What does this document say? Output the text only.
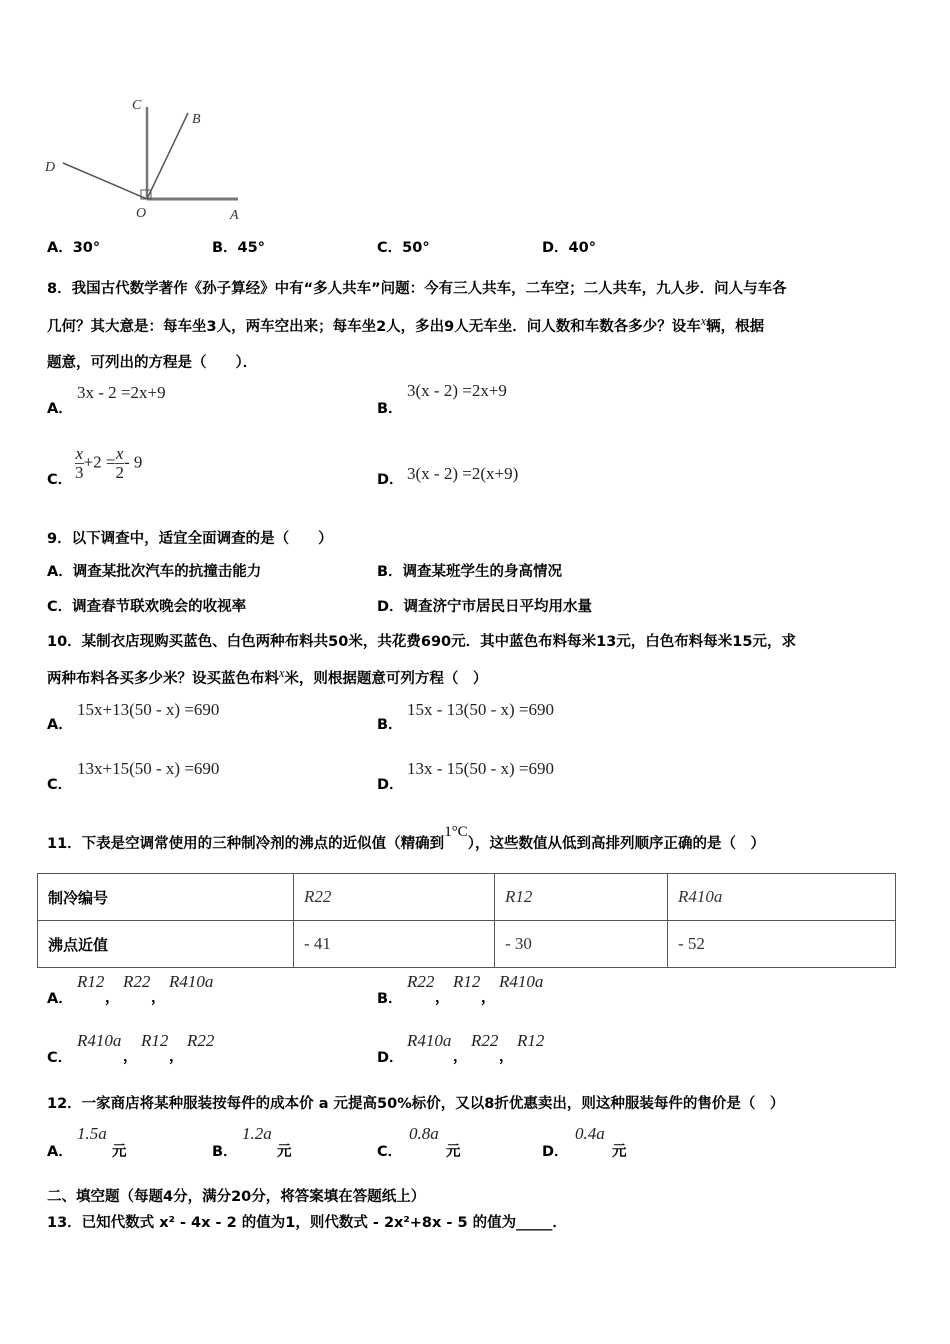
C
B
D
O	A
A．30°	B．45°	C．50°	D．40°
8．我国古代数学著作《孙子算经》中有“多人共车”问题：今有三人共车，二车空；二人共车，九人步．问人与车各
几何？其大意是：每车坐3人，两车空出来；每车坐2人，多出9人无车坐．问人数和车数各多少？设车$^x$辆，根据
题意，可列出的方程是（　　）．
A．
3x - 2 =2x+9
B．
3(x - 2) =2x+9
C． $\frac{x}{3} +2 = \frac{x}{2} - 9$
D． 3(x - 2) =2(x+9)
9．以下调查中，适宜全面调查的是（　　）
A．调查某批次汽车的抗撞击能力	B．调查某班学生的身高情况
C．调查春节联欢晚会的收视率	D．调查济宁市居民日平均用水量
10．某制衣店现购买蓝色、白色两种布料共50米，共花费690元．其中蓝色布料每米13元，白色布料每米15元，求
两种布料各买多少米？设买蓝色布料$^x$米，则根据题意可列方程（　）
A．
15x+13(50 - x) =690
B．
15x - 13(50 - x) =690
C．
13x+15(50 - x) =690
D．
13x - 15(50 - x) =690
11．下表是空调常使用的三种制冷剂的沸点的近似值（精确到$^{1^\circ C}$），这些数值从低到高排列顺序正确的是（　）
制冷编号	R22	R12	R410a
沸点近值	- 41	- 30	- 52
A．	B．
C．	D．
R12
，
R22
，
R410a	R22
，
R12
，
R410a
R410a
，
R12
，
R22	R410a
，
R22
，
R12
12．一家商店将某种服装按每件的成本价 a 元提高50%标价，又以8折优惠卖出，则这种服装每件的售价是（　）
A．
1.5a
元	B．
1.2a
元	C．
0.8a
元	D．
0.4a
元
二、填空题（每题4分，满分20分，将答案填在答题纸上）
13．已知代数式 x² - 4x - 2 的值为1，则代数式 - 2x²+8x - 5 的值为_____．
